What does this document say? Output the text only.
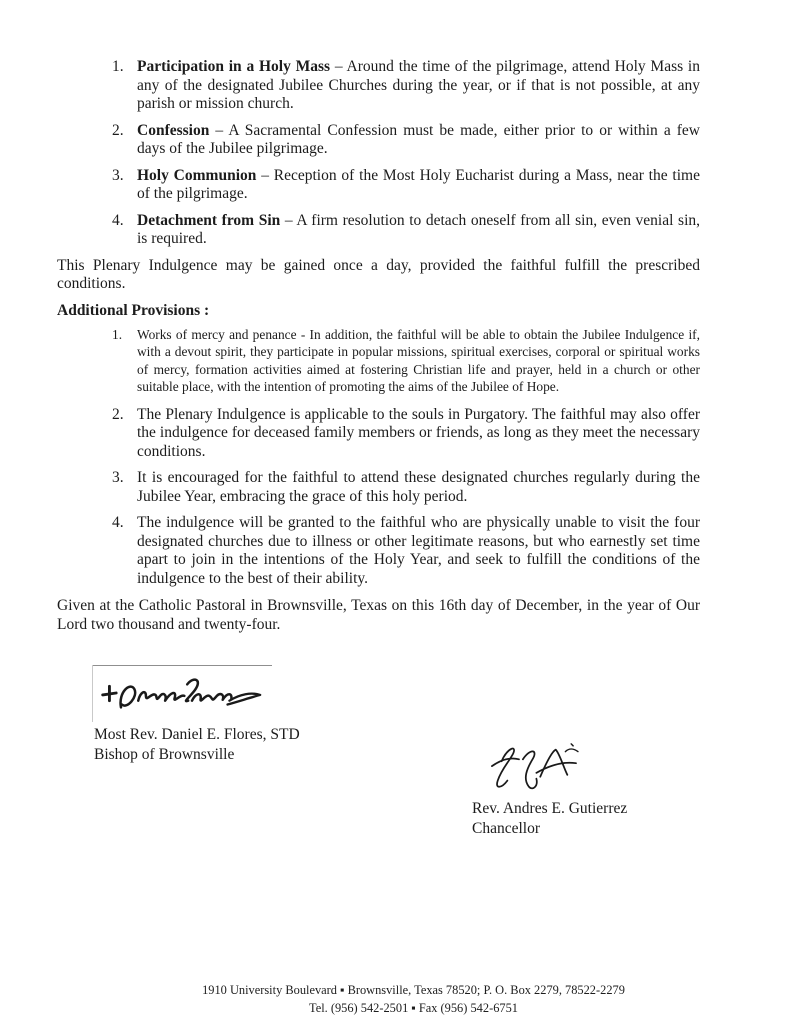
1. Participation in a Holy Mass – Around the time of the pilgrimage, attend Holy Mass in any of the designated Jubilee Churches during the year, or if that is not possible, at any parish or mission church.
2. Confession – A Sacramental Confession must be made, either prior to or within a few days of the Jubilee pilgrimage.
3. Holy Communion – Reception of the Most Holy Eucharist during a Mass, near the time of the pilgrimage.
4. Detachment from Sin – A firm resolution to detach oneself from all sin, even venial sin, is required.
This Plenary Indulgence may be gained once a day, provided the faithful fulfill the prescribed conditions.
Additional Provisions :
1. Works of mercy and penance - In addition, the faithful will be able to obtain the Jubilee Indulgence if, with a devout spirit, they participate in popular missions, spiritual exercises, corporal or spiritual works of mercy, formation activities aimed at fostering Christian life and prayer, held in a church or other suitable place, with the intention of promoting the aims of the Jubilee of Hope.
2. The Plenary Indulgence is applicable to the souls in Purgatory. The faithful may also offer the indulgence for deceased family members or friends, as long as they meet the necessary conditions.
3. It is encouraged for the faithful to attend these designated churches regularly during the Jubilee Year, embracing the grace of this holy period.
4. The indulgence will be granted to the faithful who are physically unable to visit the four designated churches due to illness or other legitimate reasons, but who earnestly set time apart to join in the intentions of the Holy Year, and seek to fulfill the conditions of the indulgence to the best of their ability.
Given at the Catholic Pastoral in Brownsville, Texas on this 16th day of December, in the year of Our Lord two thousand and twenty-four.
Most Rev. Daniel E. Flores, STD
Bishop of Brownsville
Rev. Andres E. Gutierrez
Chancellor
1910 University Boulevard ▪ Brownsville, Texas 78520; P. O. Box 2279, 78522-2279
Tel. (956) 542-2501 ▪ Fax (956) 542-6751
